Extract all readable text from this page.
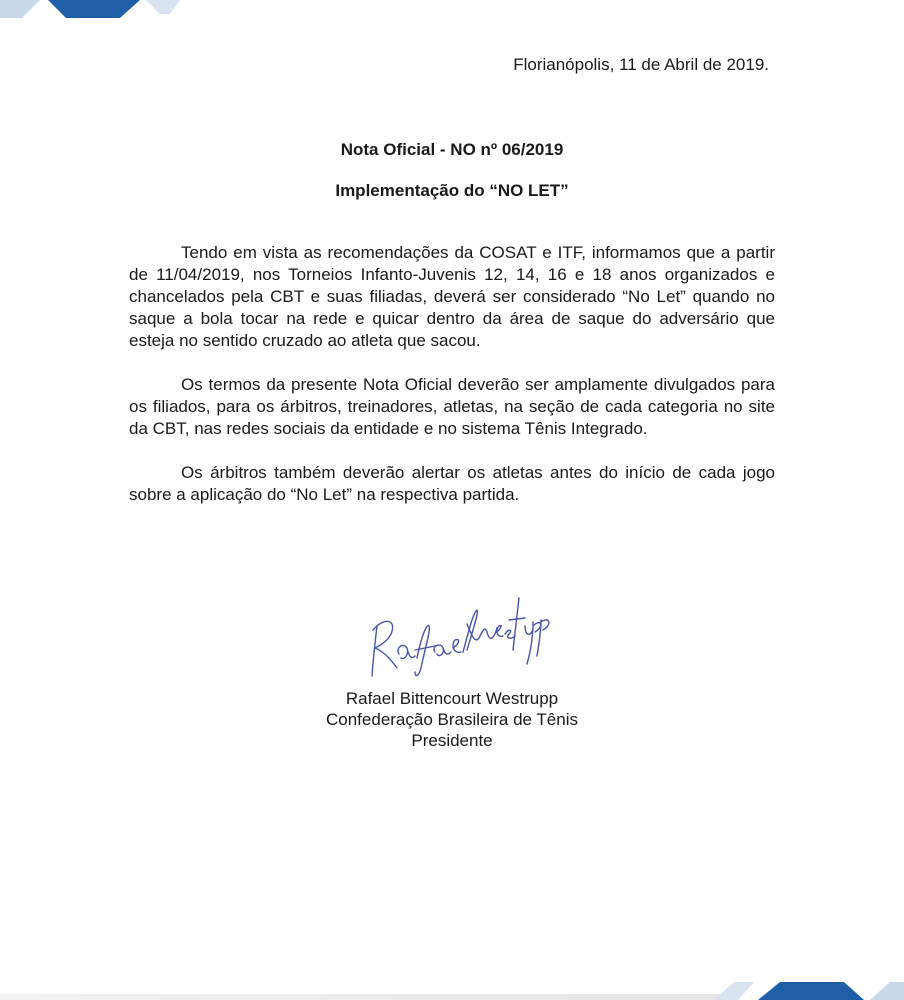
Florianópolis, 11 de Abril de 2019.
Nota Oficial - NO nº 06/2019
Implementação do “NO LET”

Tendo em vista as recomendações da COSAT e ITF, informamos que a partir de 11/04/2019, nos Torneios Infanto-Juvenis 12, 14, 16 e 18 anos organizados e chancelados pela CBT e suas filiadas, deverá ser considerado “No Let” quando no saque a bola tocar na rede e quicar dentro da área de saque do adversário que esteja no sentido cruzado ao atleta que sacou.

Os termos da presente Nota Oficial deverão ser amplamente divulgados para os filiados, para os árbitros, treinadores, atletas, na seção de cada categoria no site da CBT, nas redes sociais da entidade e no sistema Tênis Integrado.

Os árbitros também deverão alertar os atletas antes do início de cada jogo sobre a aplicação do “No Let” na respectiva partida.

Rafael Bittencourt Westrupp
Confederação Brasileira de Tênis
Presidente
